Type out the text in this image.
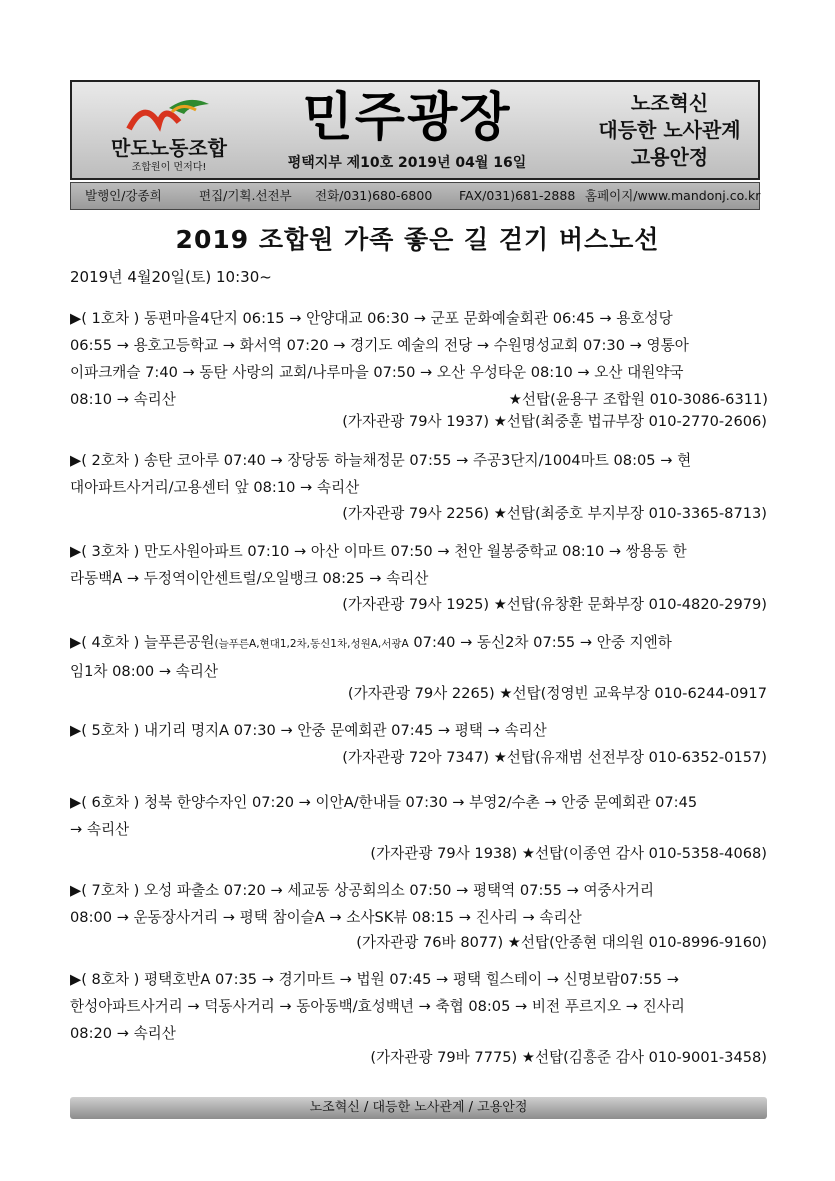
만도노동조합
조합원이 먼저다!
민주광장
평택지부 제10호 2019년 04월 16일
노조혁신
대등한 노사관계
고용안정
발행인/강종희	편집/기획.선전부 전화/031)680-6800 FAX/031)681-2888 홈페이지/www.mandonj.co.kr
2019 조합원 가족 좋은 길 걷기 버스노선
2019년 4월20일(토) 10:30~

▶( 1호차 ) 동편마을4단지 06:15 → 안양대교 06:30 → 군포 문화예술회관 06:45 → 용호성당

06:55 → 용호고등학교 → 화서역 07:20 → 경기도 예술의 전당 → 수원명성교회 07:30 → 영통아

이파크캐슬 7:40 → 동탄 사랑의 교회/나루마을 07:50 → 오산 우성타운 08:10 → 오산 대원약국

08:10 → 속리산	★선탑(윤용구 조합원 010-3086-6311)

(가자관광 79사 1937) ★선탑(최중훈 법규부장 010-2770-2606)

▶( 2호차 ) 송탄 코아루 07:40 → 장당동 하늘채정문 07:55 → 주공3단지/1004마트 08:05 → 현

대아파트사거리/고용센터 앞 08:10 → 속리산

(가자관광 79사 2256) ★선탑(최중호 부지부장 010-3365-8713)

▶( 3호차 ) 만도사원아파트 07:10 → 아산 이마트 07:50 → 천안 월봉중학교 08:10 → 쌍용동 한

라동백A → 두정역이안센트럴/오일뱅크 08:25 → 속리산

(가자관광 79사 1925) ★선탑(유창환 문화부장 010-4820-2979)

▶( 4호차 ) 늘푸른공원(늘푸른A,현대1,2차,동신1차,성원A,서광A 07:40 → 동신2차 07:55 → 안중 지엔하

임1차 08:00 → 속리산

(가자관광 79사 2265) ★선탑(정영빈 교육부장 010-6244-0917

▶( 5호차 ) 내기리 명지A 07:30 → 안중 문예회관 07:45 → 평택 → 속리산

(가자관광 72아 7347) ★선탑(유재범 선전부장 010-6352-0157)

▶( 6호차 ) 청북 한양수자인 07:20 → 이안A/한내들 07:30 → 부영2/수촌 → 안중 문예회관 07:45

→ 속리산

(가자관광 79사 1938) ★선탑(이종연 감사 010-5358-4068)

▶( 7호차 ) 오성 파출소 07:20 → 세교동 상공회의소 07:50 → 평택역 07:55 → 여중사거리

08:00 → 운동장사거리 → 평택 참이슬A → 소사SK뷰 08:15 → 진사리 → 속리산

(가자관광 76바 8077) ★선탑(안종현 대의원 010-8996-9160)

▶( 8호차 ) 평택호반A 07:35 → 경기마트 → 법원 07:45 → 평택 힐스테이 → 신명보람07:55 →

한성아파트사거리 → 덕동사거리 → 동아동백/효성백년 → 축협 08:05 → 비전 푸르지오 → 진사리

08:20 → 속리산

(가자관광 79바 7775) ★선탑(김흥준 감사 010-9001-3458)
노조혁신 / 대등한 노사관계 / 고용안정
